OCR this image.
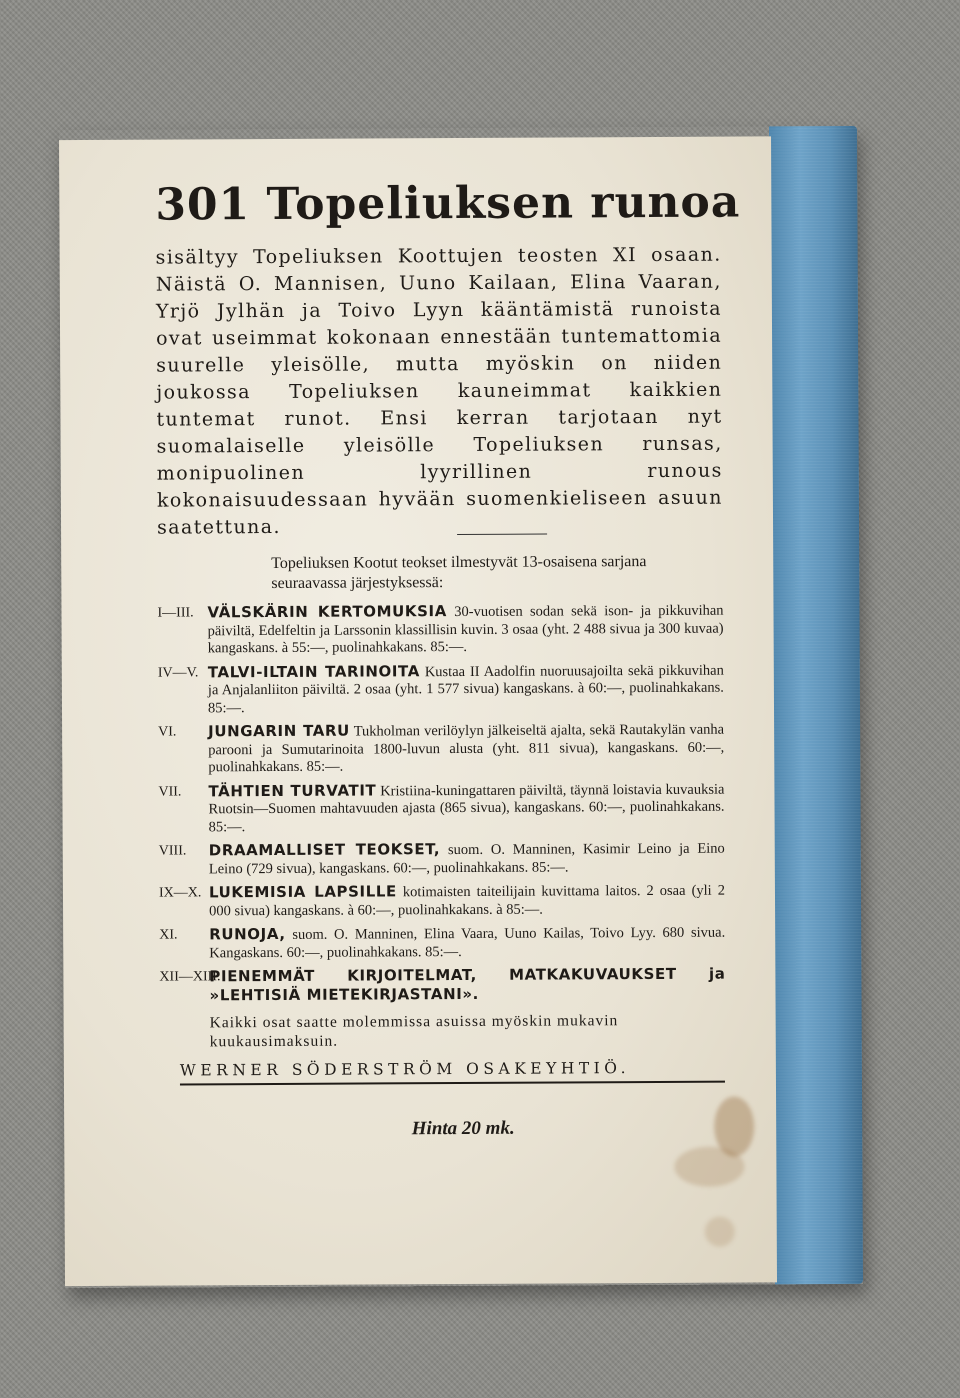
301 Topeliuksen runoa

sisältyy Topeliuksen Koottujen teosten XI osaan. Näistä O. Mannisen, Uuno Kailaan, Elina Vaaran, Yrjö Jylhän ja Toivo Lyyn kääntämistä runoista ovat useimmat kokonaan ennestään tuntemattomia suurelle yleisölle, mutta myöskin on niiden joukossa Topeliuksen kauneimmat kaikkien tuntemat runot. Ensi kerran tarjotaan nyt suomalaiselle yleisölle Topeliuksen runsas, monipuolinen lyyrillinen runous kokonaisuudessaan hyvään suomenkieliseen asuun saatettuna.

Topeliuksen Kootut teokset ilmestyvät 13-osaisena sarjana seuraavassa järjestyksessä:

I—III. VÄLSKÄRIN KERTOMUKSIA 30-vuotisen sodan sekä ison- ja pikkuvihan päiviltä, Edelfeltin ja Larssonin klassillisin kuvin. 3 osaa (yht. 2 488 sivua ja 300 kuvaa) kangaskans. à 55:—, puolinahkakans. 85:—.
IV—V. TALVI-ILTAIN TARINOITA Kustaa II Aadolfin nuoruusajoilta sekä pikkuvihan ja Anjalanliiton päiviltä. 2 osaa (yht. 1 577 sivua) kangaskans. à 60:—, puolinahkakans. 85:—.
VI. JUNGARIN TARU Tukholman verilöylyn jälkeiseltä ajalta, sekä Rautakylän vanha parooni ja Sumutarinoita 1800-luvun alusta (yht. 811 sivua), kangaskans. 60:—, puolinahkakans. 85:—.
VII. TÄHTIEN TURVATIT Kristiina-kuningattaren päiviltä, täynnä loistavia kuvauksia Ruotsin—Suomen mahtavuuden ajasta (865 sivua), kangaskans. 60:—, puolinahkakans. 85:—.
VIII. DRAAMALLISET TEOKSET, suom. O. Manninen, Kasimir Leino ja Eino Leino (729 sivua), kangaskans. 60:—, puolinahkakans. 85:—.
IX—X. LUKEMISIA LAPSILLE kotimaisten taiteilijain kuvittama laitos. 2 osaa (yli 2 000 sivua) kangaskans. à 60:—, puolinahkakans. à 85:—.
XI. RUNOJA, suom. O. Manninen, Elina Vaara, Uuno Kailas, Toivo Lyy. 680 sivua. Kangaskans. 60:—, puolinahkakans. 85:—.
XII—XIII.
PIENEMMÄT KIRJOITELMAT, MATKAKUVAUKSET ja »LEHTISIÄ MIETEKIRJASTANI».

Kaikki osat saatte molemmissa asuissa myöskin mukavin kuukausimaksuin.

WERNER SÖDERSTRÖM OSAKEYHTIÖ.
Hinta 20 mk.
